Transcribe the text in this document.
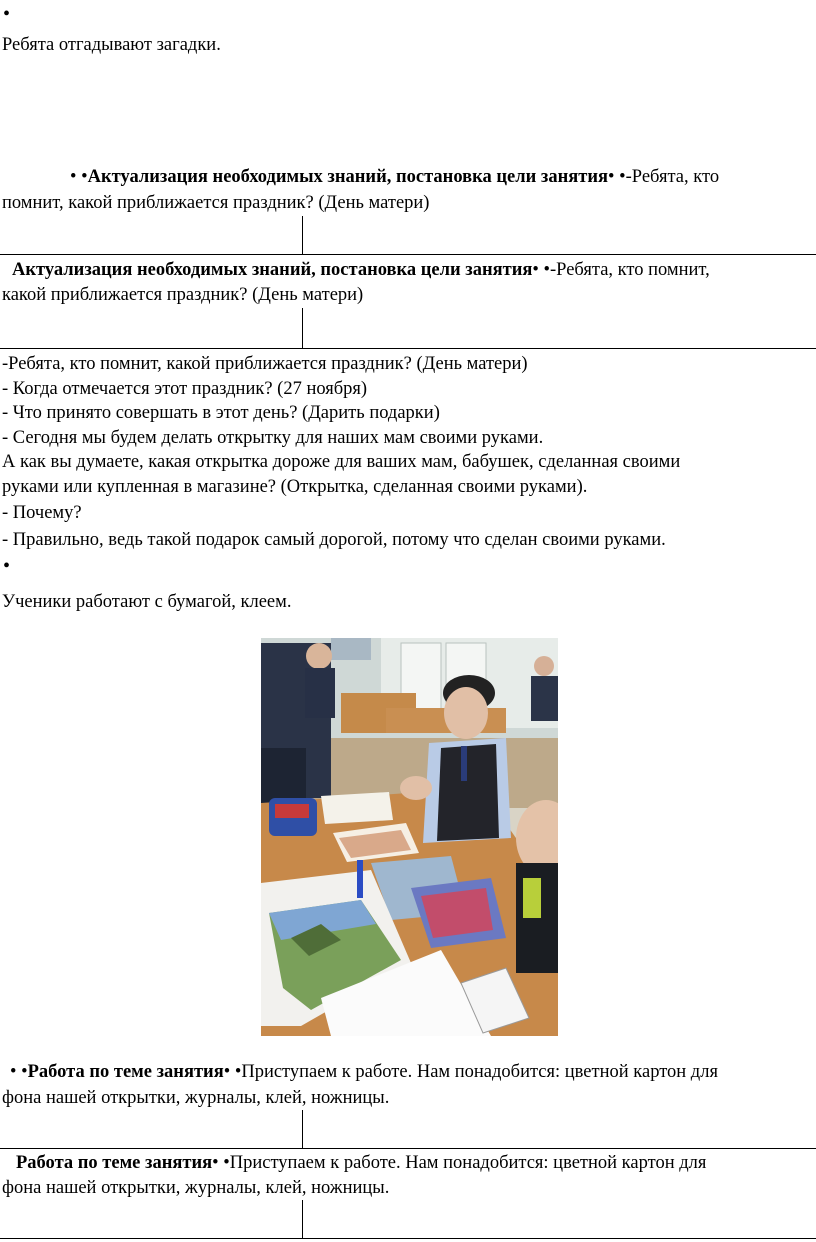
•
Ребята отгадывают загадки.
• •Актуализация необходимых знаний, постановка цели занятия• •-Ребята, кто
помнит, какой приближается праздник? (День матери)
Актуализация необходимых знаний, постановка цели занятия• •-Ребята, кто помнит,
какой приближается праздник? (День матери)
-Ребята, кто помнит, какой приближается праздник? (День матери)
- Когда отмечается этот праздник? (27 ноября)
- Что принято совершать в этот день? (Дарить подарки)
- Сегодня мы будем делать открытку для наших мам своими руками.
А как вы думаете, какая открытка дороже для ваших мам, бабушек, сделанная своими
руками или купленная в магазине? (Открытка, сделанная своими руками).
- Почему?
- Правильно, ведь такой подарок самый дорогой, потому что сделан своими руками.
•
Ученики работают с бумагой, клеем.
• •Работа по теме занятия• •Приступаем к работе. Нам понадобится: цветной картон для
фона нашей открытки, журналы, клей, ножницы.
Работа по теме занятия• •Приступаем к работе. Нам понадобится: цветной картон для
фона нашей открытки, журналы, клей, ножницы.
